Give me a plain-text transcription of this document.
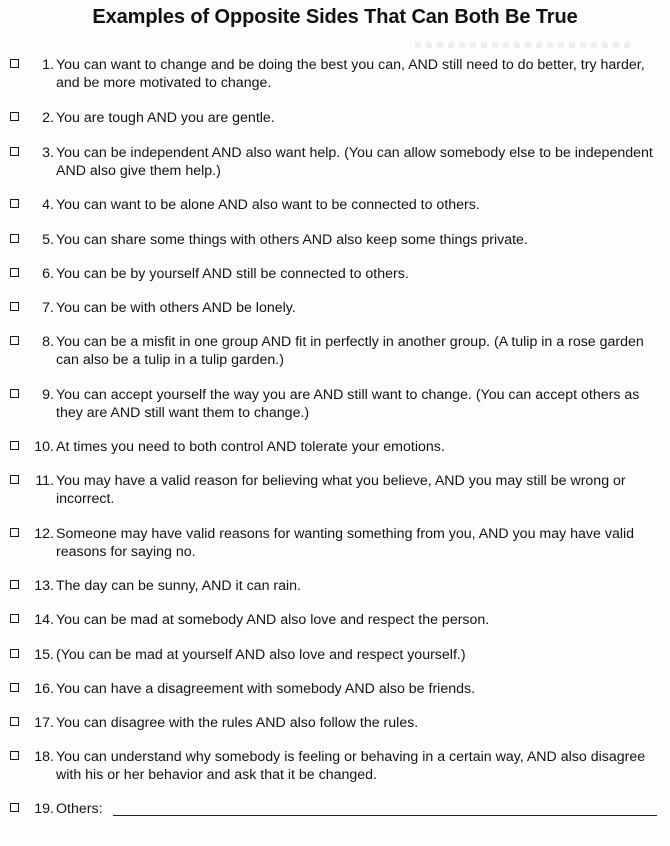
Examples of Opposite Sides That Can Both Be True
1. You can want to change and be doing the best you can, AND still need to do better, try harder, and be more motivated to change.
2. You are tough AND you are gentle.
3. You can be independent AND also want help. (You can allow somebody else to be independent AND also give them help.)
4. You can want to be alone AND also want to be connected to others.
5. You can share some things with others AND also keep some things private.
6. You can be by yourself AND still be connected to others.
7. You can be with others AND be lonely.
8. You can be a misfit in one group AND fit in perfectly in another group. (A tulip in a rose garden can also be a tulip in a tulip garden.)
9. You can accept yourself the way you are AND still want to change. (You can accept others as they are AND still want them to change.)
10. At times you need to both control AND tolerate your emotions.
11. You may have a valid reason for believing what you believe, AND you may still be wrong or incorrect.
12. Someone may have valid reasons for wanting something from you, AND you may have valid reasons for saying no.
13. The day can be sunny, AND it can rain.
14. You can be mad at somebody AND also love and respect the person.
15. (You can be mad at yourself AND also love and respect yourself.)
16. You can have a disagreement with somebody AND also be friends.
17. You can disagree with the rules AND also follow the rules.
18. You can understand why somebody is feeling or behaving in a certain way, AND also disagree with his or her behavior and ask that it be changed.
19. Others:
